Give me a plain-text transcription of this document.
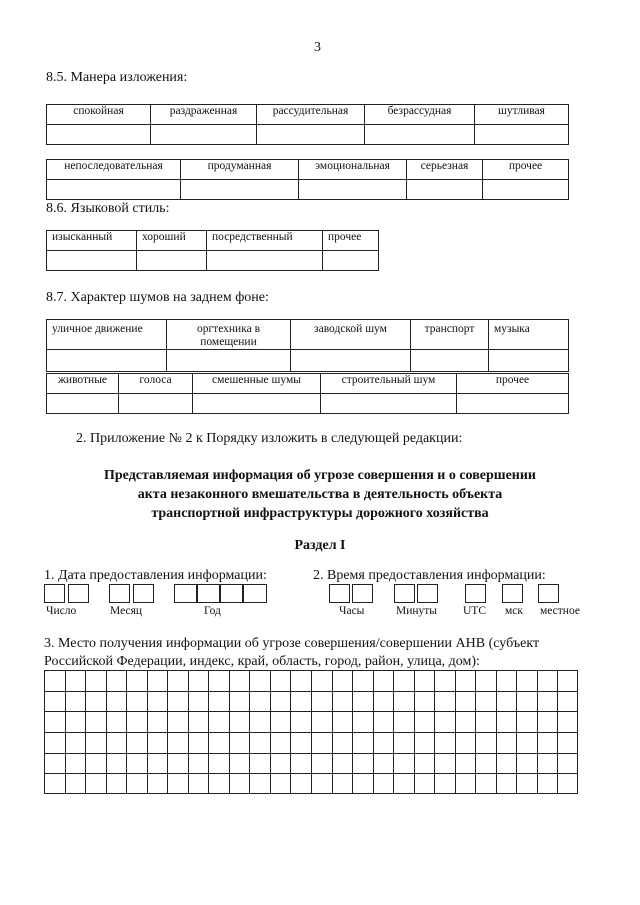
3
8.5. Манера изложения:
спокойная	раздраженная	рассудительная	безрассудная	шутливая

непоследовательная	продуманная	эмоциональная	серьезная	прочее

8.6. Языковой стиль:
изысканный	хороший	посредственный	прочее

8.7. Характер шумов на заднем фоне:
уличное движение	оргтехника в помещении	заводской шум	транспорт	музыка

животные	голоса	смешенные шумы	строительный шум	прочее

2. Приложение № 2 к Порядку изложить в следующей редакции:
Представляемая информация об угрозе совершения и о совершении
акта незаконного вмешательства в деятельность объекта
транспортной инфраструктуры дорожного хозяйства
Раздел I
1. Дата предоставления информации:
Число	Месяц	Год
2. Время предоставления информации:
Часы	Минуты UTC мск местное
3. Место получения информации об угрозе совершения/совершении АНВ (субъект
Российской Федерации, индекс, край, область, город, район, улица, дом):
